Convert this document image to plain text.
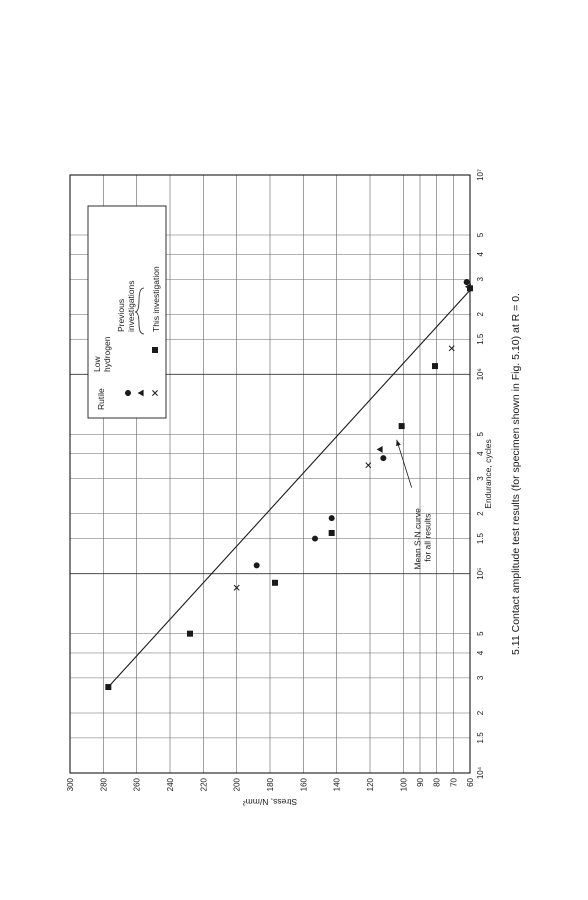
60
70
80
90
100
120
140
160
180
200
220
240
260
280
300
10⁴
1.5
2
3
4
5
10⁵
1.5
2
3
4
5
10⁶
1.5
2
3
4
5
10⁷
Stress, N/mm²
Endurance, cycles
Mean S-N curve for all results
Rutile
Low hydrogen
Previous investigations This investigation	5.11 Contact amplitude test results (for specimen shown in Fig. 5.10) at R = 0.
